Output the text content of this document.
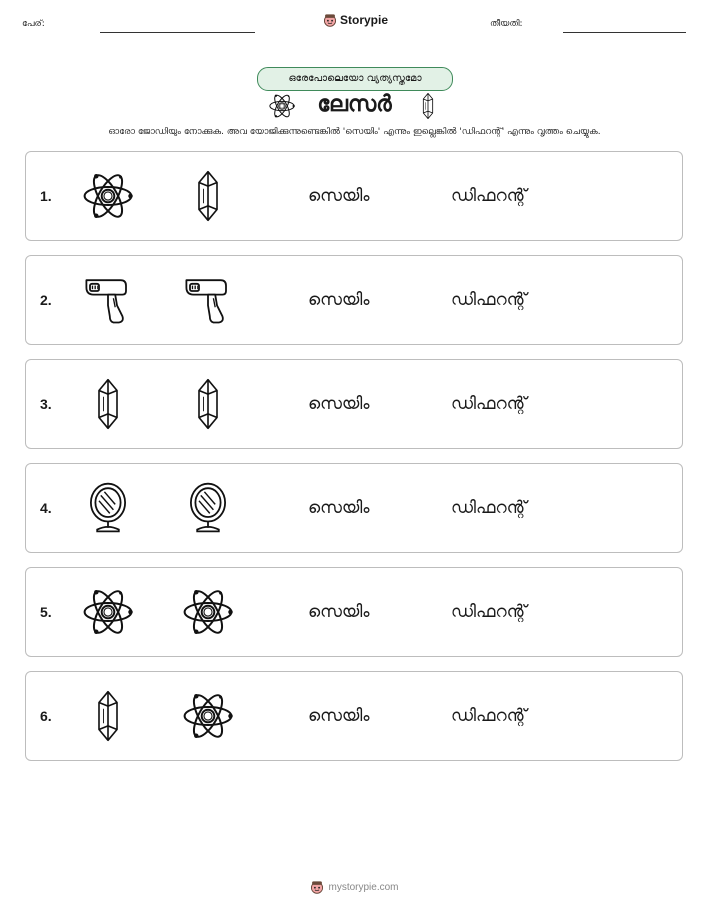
പേര്:	Storypie	തീയതി:
ഒരേപോലെയോ വ്യത്യസ്തമോ
ലേസർ
ഓരോ ജോഡിയും നോക്കുക. അവ യോജിക്കുന്നുണ്ടെങ്കിൽ 'സെയിം' എന്നും ഇല്ലെങ്കിൽ 'ഡിഫറന്റ്' എന്നും വൃത്തം ചെയ്യുക.
1.	സെയിം	ഡിഫറന്റ്
2.	സെയിം	ഡിഫറന്റ്
3.	സെയിം	ഡിഫറന്റ്
4.	സെയിം	ഡിഫറന്റ്
5.	സെയിം	ഡിഫറന്റ്
6.	സെയിം	ഡിഫറന്റ്
mystorypie.com
